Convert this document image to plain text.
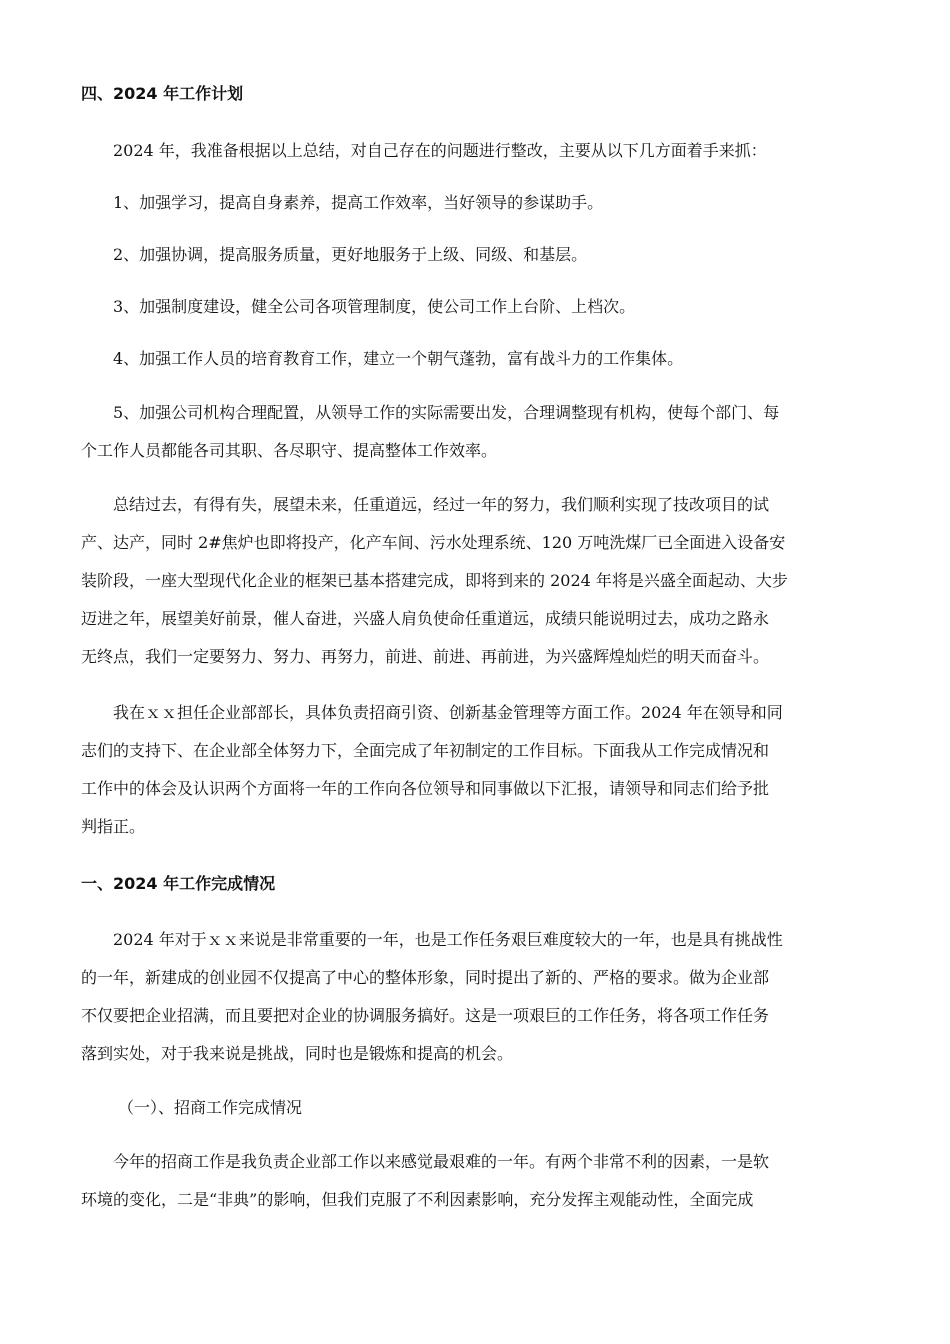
四、2024 年工作计划

2024 年，我准备根据以上总结，对自己存在的问题进行整改，主要从以下几方面着手来抓：

1、加强学习，提高自身素养，提高工作效率，当好领导的参谋助手。

2、加强协调，提高服务质量，更好地服务于上级、同级、和基层。

3、加强制度建设，健全公司各项管理制度，使公司工作上台阶、上档次。

4、加强工作人员的培育教育工作，建立一个朝气蓬勃，富有战斗力的工作集体。

5、加强公司机构合理配置，从领导工作的实际需要出发，合理调整现有机构，使每个部门、每

个工作人员都能各司其职、各尽职守、提高整体工作效率。

总结过去，有得有失，展望未来，任重道远，经过一年的努力，我们顺利实现了技改项目的试

产、达产，同时 2#焦炉也即将投产，化产车间、污水处理系统、120 万吨洗煤厂已全面进入设备安

装阶段，一座大型现代化企业的框架已基本搭建完成，即将到来的 2024 年将是兴盛全面起动、大步

迈进之年，展望美好前景，催人奋进，兴盛人肩负使命任重道远，成绩只能说明过去，成功之路永

无终点，我们一定要努力、努力、再努力，前进、前进、再前进，为兴盛辉煌灿烂的明天而奋斗。

我在ｘｘ担任企业部部长，具体负责招商引资、创新基金管理等方面工作。2024 年在领导和同

志们的支持下、在企业部全体努力下，全面完成了年初制定的工作目标。下面我从工作完成情况和

工作中的体会及认识两个方面将一年的工作向各位领导和同事做以下汇报，请领导和同志们给予批

判指正。

一、2024 年工作完成情况

2024 年对于ｘｘ来说是非常重要的一年，也是工作任务艰巨难度较大的一年，也是具有挑战性

的一年，新建成的创业园不仅提高了中心的整体形象，同时提出了新的、严格的要求。做为企业部

不仅要把企业招满，而且要把对企业的协调服务搞好。这是一项艰巨的工作任务，将各项工作任务

落到实处，对于我来说是挑战，同时也是锻炼和提高的机会。

（一）、招商工作完成情况

今年的招商工作是我负责企业部工作以来感觉最艰难的一年。有两个非常不利的因素，一是软

环境的变化，二是“非典”的影响，但我们克服了不利因素影响，充分发挥主观能动性，全面完成
